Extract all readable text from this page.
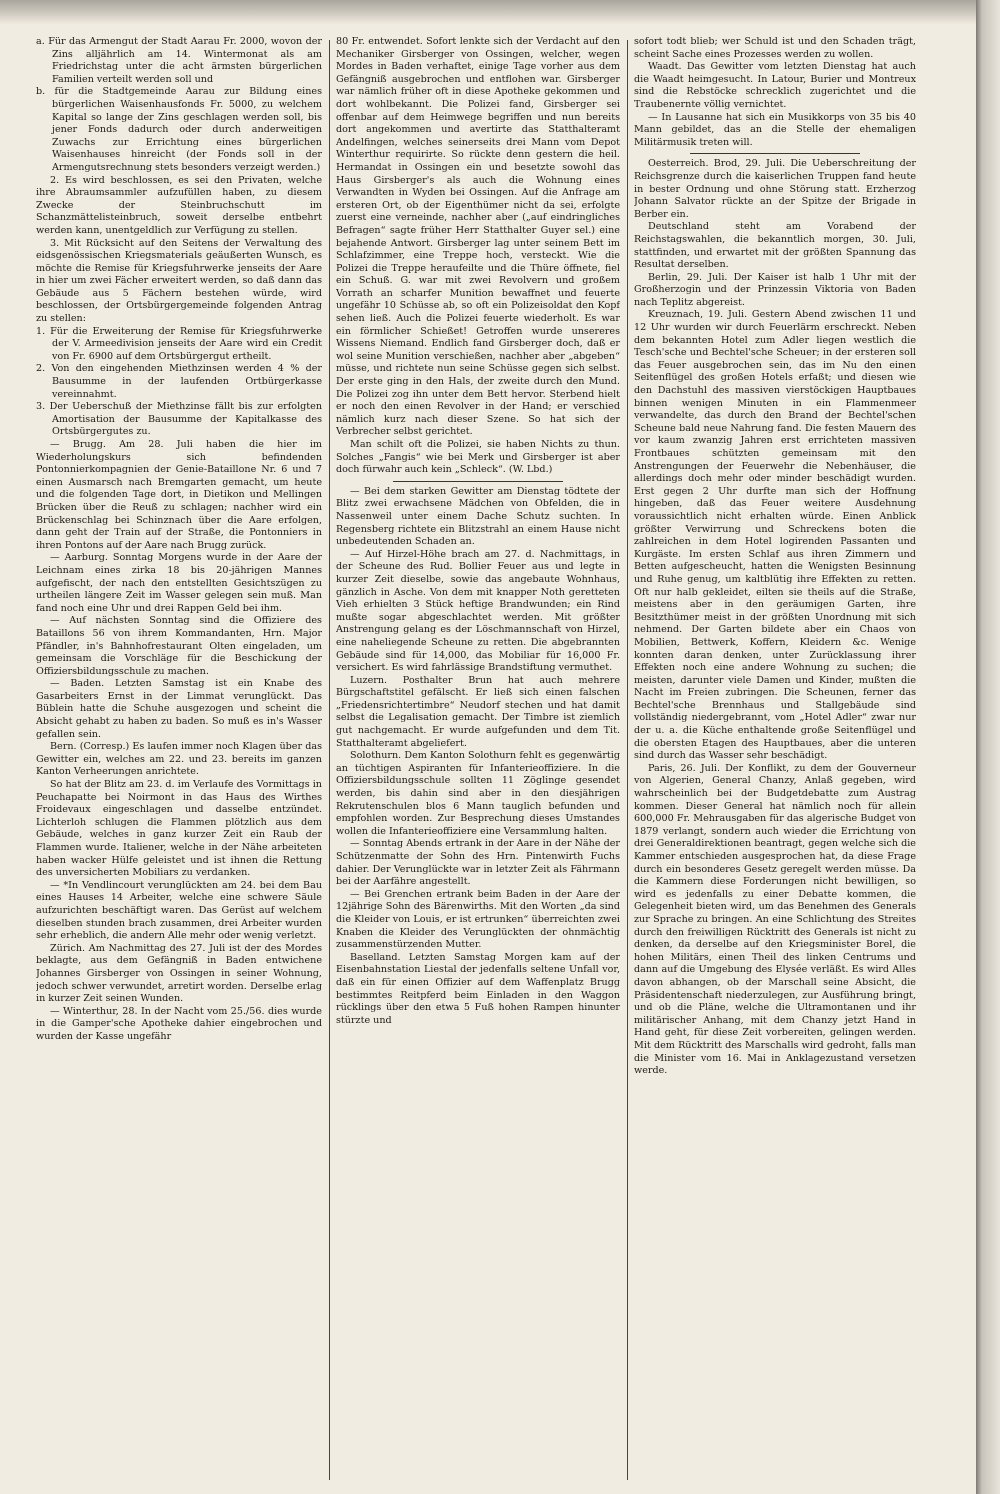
a. Für das Armengut der Stadt Aarau Fr. 2000, wovon der Zins alljährlich am 14. Wintermonat als am Friedrichstag unter die acht ärmsten bürgerlichen Familien verteilt werden soll und

b. für die Stadtgemeinde Aarau zur Bildung eines bürgerlichen Waisenhausfonds Fr. 5000, zu welchem Kapital so lange der Zins geschlagen werden soll, bis jener Fonds dadurch oder durch anderweitigen Zuwachs zur Errichtung eines bürgerlichen Waisenhauses hinreicht (der Fonds soll in der Armengutsrechnung stets besonders verzeigt werden.)

2. Es wird beschlossen, es sei den Privaten, welche ihre Abraumsammler aufzufüllen haben, zu diesem Zwecke der Steinbruchschutt im Schanzmättelisteinbruch, soweit derselbe entbehrt werden kann, unentgeldlich zur Verfügung zu stellen.

3. Mit Rücksicht auf den Seitens der Verwaltung des eidsgenössischen Kriegsmaterials geäußerten Wunsch, es möchte die Remise für Kriegsfuhrwerke jenseits der Aare in hier um zwei Fächer erweitert werden, so daß dann das Gebäude aus 5 Fächern bestehen würde, wird beschlossen, der Ortsbürgergemeinde folgenden Antrag zu stellen:

1. Für die Erweiterung der Remise für Kriegsfuhrwerke der V. Armeedivision jenseits der Aare wird ein Credit von Fr. 6900 auf dem Ortsbürgergut ertheilt.

2. Von den eingehenden Miethzinsen werden 4 % der Bausumme in der laufenden Ortbürgerkasse vereinnahmt.

3. Der Ueberschuß der Miethzinse fällt bis zur erfolgten Amortisation der Bausumme der Kapitalkasse des Ortsbürgergutes zu.

— Brugg. Am 28. Juli haben die hier im Wiederholungskurs sich befindenden Pontonnierkompagnien der Genie-Bataillone Nr. 6 und 7 einen Ausmarsch nach Bremgarten gemacht, um heute und die folgenden Tage dort, in Dietikon und Mellingen Brücken über die Reuß zu schlagen; nachher wird ein Brückenschlag bei Schinznach über die Aare erfolgen, dann geht der Train auf der Straße, die Pontonniers in ihren Pontons auf der Aare nach Brugg zurück.

— Aarburg. Sonntag Morgens wurde in der Aare der Leichnam eines zirka 18 bis 20-jährigen Mannes aufgefischt, der nach den entstellten Gesichtszügen zu urtheilen längere Zeit im Wasser gelegen sein muß. Man fand noch eine Uhr und drei Rappen Geld bei ihm.

— Auf nächsten Sonntag sind die Offiziere des Bataillons 56 von ihrem Kommandanten, Hrn. Major Pfändler, in's Bahnhofrestaurant Olten eingeladen, um gemeinsam die Vorschläge für die Beschickung der Offiziersbildungsschule zu machen.

— Baden. Letzten Samstag ist ein Knabe des Gasarbeiters Ernst in der Limmat verunglückt. Das Büblein hatte die Schuhe ausgezogen und scheint die Absicht gehabt zu haben zu baden. So muß es in's Wasser gefallen sein.

Bern. (Corresp.) Es laufen immer noch Klagen über das Gewitter ein, welches am 22. und 23. bereits im ganzen Kanton Verheerungen anrichtete.

So hat der Blitz am 23. d. im Verlaufe des Vormittags in Peuchapatte bei Noirmont in das Haus des Wirthes Froidevaux eingeschlagen und dasselbe entzündet. Lichterloh schlugen die Flammen plötzlich aus dem Gebäude, welches in ganz kurzer Zeit ein Raub der Flammen wurde. Italiener, welche in der Nähe arbeiteten haben wacker Hülfe geleistet und ist ihnen die Rettung des unversicherten Mobiliars zu verdanken.

— *In Vendlincourt verunglückten am 24. bei dem Bau eines Hauses 14 Arbeiter, welche eine schwere Säule aufzurichten beschäftigt waren. Das Gerüst auf welchem dieselben stunden brach zusammen, drei Arbeiter wurden sehr erheblich, die andern Alle mehr oder wenig verletzt.

Zürich. Am Nachmittag des 27. Juli ist der des Mordes beklagte, aus dem Gefängniß in Baden entwichene Johannes Girsberger von Ossingen in seiner Wohnung, jedoch schwer verwundet, arretirt worden. Derselbe erlag in kurzer Zeit seinen Wunden.

— Winterthur, 28. In der Nacht vom 25./56. dies wurde in die Gamper'sche Apotheke dahier eingebrochen und wurden der Kasse ungefähr

80 Fr. entwendet. Sofort lenkte sich der Verdacht auf den Mechaniker Girsberger von Ossingen, welcher, wegen Mordes in Baden verhaftet, einige Tage vorher aus dem Gefängniß ausgebrochen und entflohen war. Girsberger war nämlich früher oft in diese Apotheke gekommen und dort wohlbekannt. Die Polizei fand, Girsberger sei offenbar auf dem Heimwege begriffen und nun bereits dort angekommen und avertirte das Statthalteramt Andelfingen, welches seinerseits drei Mann vom Depot Winterthur requirirte. So rückte denn gestern die heil. Hermandat in Ossingen ein und besetzte sowohl das Haus Girsberger's als auch die Wohnung eines Verwandten in Wyden bei Ossingen. Auf die Anfrage am ersteren Ort, ob der Eigenthümer nicht da sei, erfolgte zuerst eine verneinde, nachher aber („auf eindringliches Befragen“ sagte früher Herr Statthalter Guyer sel.) eine bejahende Antwort. Girsberger lag unter seinem Bett im Schlafzimmer, eine Treppe hoch, versteckt. Wie die Polizei die Treppe heraufeilte und die Thüre öffnete, fiel ein Schuß. G. war mit zwei Revolvern und großem Vorrath an scharfer Munition bewaffnet und feuerte ungefähr 10 Schüsse ab, so oft ein Polizeisoldat den Kopf sehen ließ. Auch die Polizei feuerte wiederholt. Es war ein förmlicher Schießet! Getroffen wurde unsereres Wissens Niemand. Endlich fand Girsberger doch, daß er wol seine Munition verschießen, nachher aber „abgeben“ müsse, und richtete nun seine Schüsse gegen sich selbst. Der erste ging in den Hals, der zweite durch den Mund. Die Polizei zog ihn unter dem Bett hervor. Sterbend hielt er noch den einen Revolver in der Hand; er verschied nämlich kurz nach dieser Szene. So hat sich der Verbrecher selbst gerichtet.

Man schilt oft die Polizei, sie haben Nichts zu thun. Solches „Fangis“ wie bei Merk und Girsberger ist aber doch fürwahr auch kein „Schleck“. (W. Lbd.)

— Bei dem starken Gewitter am Dienstag tödtete der Blitz zwei erwachsene Mädchen von Obfelden, die in Nassenweil unter einem Dache Schutz suchten. In Regensberg richtete ein Blitzstrahl an einem Hause nicht unbedeutenden Schaden an.

— Auf Hirzel-Höhe brach am 27. d. Nachmittags, in der Scheune des Rud. Bollier Feuer aus und legte in kurzer Zeit dieselbe, sowie das angebaute Wohnhaus, gänzlich in Asche. Von dem mit knapper Noth geretteten Vieh erhielten 3 Stück heftige Brandwunden; ein Rind mußte sogar abgeschlachtet werden. Mit größter Anstrengung gelang es der Löschmannschaft von Hirzel, eine naheliegende Scheune zu retten. Die abgebrannten Gebäude sind für 14,000, das Mobiliar für 16,000 Fr. versichert. Es wird fahrlässige Brandstiftung vermuthet.

Luzern. Posthalter Brun hat auch mehrere Bürgschaftstitel gefälscht. Er ließ sich einen falschen „Friedensrichtertimbre“ Neudorf stechen und hat damit selbst die Legalisation gemacht. Der Timbre ist ziemlich gut nachgemacht. Er wurde aufgefunden und dem Tit. Statthalteramt abgeliefert.

Solothurn. Dem Kanton Solothurn fehlt es gegenwärtig an tüchtigen Aspiranten für Infanterieoffiziere. In die Offiziersbildungsschule sollten 11 Zöglinge gesendet werden, bis dahin sind aber in den diesjährigen Rekrutenschulen blos 6 Mann tauglich befunden und empfohlen worden. Zur Besprechung dieses Umstandes wollen die Infanterieoffiziere eine Versammlung halten.

— Sonntag Abends ertrank in der Aare in der Nähe der Schützenmatte der Sohn des Hrn. Pintenwirth Fuchs dahier. Der Verunglückte war in letzter Zeit als Fährmann bei der Aarfähre angestellt.

— Bei Grenchen ertrank beim Baden in der Aare der 12jährige Sohn des Bärenwirths. Mit den Worten „da sind die Kleider von Louis, er ist ertrunken“ überreichten zwei Knaben die Kleider des Verunglückten der ohnmächtig zusammenstürzenden Mutter.

Baselland. Letzten Samstag Morgen kam auf der Eisenbahnstation Liestal der jedenfalls seltene Unfall vor, daß ein für einen Offizier auf dem Waffenplatz Brugg bestimmtes Reitpferd beim Einladen in den Waggon rücklings über den etwa 5 Fuß hohen Rampen hinunter stürzte und

sofort todt blieb; wer Schuld ist und den Schaden trägt, scheint Sache eines Prozesses werden zu wollen.

Waadt. Das Gewitter vom letzten Dienstag hat auch die Waadt heimgesucht. In Latour, Burier und Montreux sind die Rebstöcke schrecklich zugerichtet und die Traubenernte völlig vernichtet.

— In Lausanne hat sich ein Musikkorps von 35 bis 40 Mann gebildet, das an die Stelle der ehemaligen Militärmusik treten will.

Oesterreich. Brod, 29. Juli. Die Ueberschreitung der Reichsgrenze durch die kaiserlichen Truppen fand heute in bester Ordnung und ohne Störung statt. Erzherzog Johann Salvator rückte an der Spitze der Brigade in Berber ein.

Deutschland steht am Vorabend der Reichstagswahlen, die bekanntlich morgen, 30. Juli, stattfinden, und erwartet mit der größten Spannung das Resultat derselben.

Berlin, 29. Juli. Der Kaiser ist halb 1 Uhr mit der Großherzogin und der Prinzessin Viktoria von Baden nach Teplitz abgereist.

Kreuznach, 19. Juli. Gestern Abend zwischen 11 und 12 Uhr wurden wir durch Feuerlärm erschreckt. Neben dem bekannten Hotel zum Adler liegen westlich die Tesch'sche und Bechtel'sche Scheuer; in der ersteren soll das Feuer ausgebrochen sein, das im Nu den einen Seitenflügel des großen Hotels erfaßt; und diesen wie den Dachstuhl des massiven vierstöckigen Hauptbaues binnen wenigen Minuten in ein Flammenmeer verwandelte, das durch den Brand der Bechtel'schen Scheune bald neue Nahrung fand. Die festen Mauern des vor kaum zwanzig Jahren erst errichteten massiven Frontbaues schützten gemeinsam mit den Anstrengungen der Feuerwehr die Nebenhäuser, die allerdings doch mehr oder minder beschädigt wurden. Erst gegen 2 Uhr durfte man sich der Hoffnung hingeben, daß das Feuer weitere Ausdehnung voraussichtlich nicht erhalten würde. Einen Anblick größter Verwirrung und Schreckens boten die zahlreichen in dem Hotel logirenden Passanten und Kurgäste. Im ersten Schlaf aus ihren Zimmern und Betten aufgescheucht, hatten die Wenigsten Besinnung und Ruhe genug, um kaltblütig ihre Effekten zu retten. Oft nur halb gekleidet, eilten sie theils auf die Straße, meistens aber in den geräumigen Garten, ihre Besitzthümer meist in der größten Unordnung mit sich nehmend. Der Garten bildete aber ein Chaos von Mobilien, Bettwerk, Koffern, Kleidern &c. Wenige konnten daran denken, unter Zurücklassung ihrer Effekten noch eine andere Wohnung zu suchen; die meisten, darunter viele Damen und Kinder, mußten die Nacht im Freien zubringen. Die Scheunen, ferner das Bechtel'sche Brennhaus und Stallgebäude sind vollständig niedergebrannt, vom „Hotel Adler“ zwar nur der u. a. die Küche enthaltende große Seitenflügel und die obersten Etagen des Hauptbaues, aber die unteren sind durch das Wasser sehr beschädigt.

Paris, 26. Juli. Der Konflikt, zu dem der Gouverneur von Algerien, General Chanzy, Anlaß gegeben, wird wahrscheinlich bei der Budgetdebatte zum Austrag kommen. Dieser General hat nämlich noch für allein 600,000 Fr. Mehrausgaben für das algerische Budget von 1879 verlangt, sondern auch wieder die Errichtung von drei Generaldirektionen beantragt, gegen welche sich die Kammer entschieden ausgesprochen hat, da diese Frage durch ein besonderes Gesetz geregelt werden müsse. Da die Kammern diese Forderungen nicht bewilligen, so wird es jedenfalls zu einer Debatte kommen, die Gelegenheit bieten wird, um das Benehmen des Generals zur Sprache zu bringen. An eine Schlichtung des Streites durch den freiwilligen Rücktritt des Generals ist nicht zu denken, da derselbe auf den Kriegsminister Borel, die hohen Militärs, einen Theil des linken Centrums und dann auf die Umgebung des Elysée verläßt. Es wird Alles davon abhangen, ob der Marschall seine Absicht, die Präsidentenschaft niederzulegen, zur Ausführung bringt, und ob die Pläne, welche die Ultramontanen und ihr militärischer Anhang, mit dem Chanzy jetzt Hand in Hand geht, für diese Zeit vorbereiten, gelingen werden. Mit dem Rücktritt des Marschalls wird gedroht, falls man die Minister vom 16. Mai in Anklagezustand versetzen werde.
